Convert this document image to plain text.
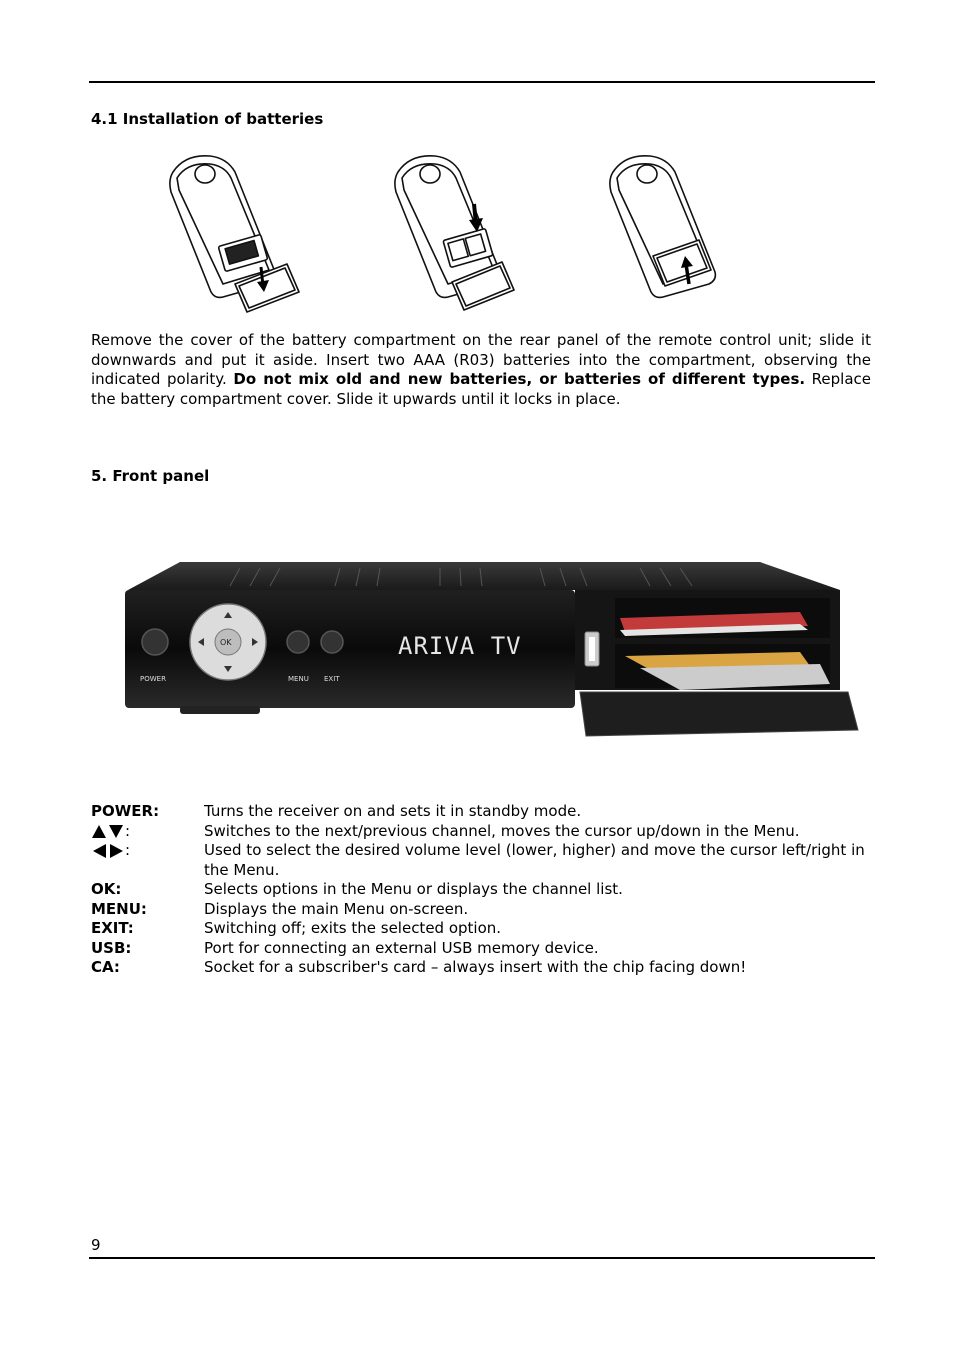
4.1 Installation of batteries

Remove the cover of the battery compartment on the rear panel of the remote control unit; slide it downwards and put it aside. Insert two AAA (R03) batteries into the compartment, observing the indicated polarity. Do not mix old and new batteries, or batteries of different types. Replace the battery compartment cover. Slide it upwards until it locks in place.

5. Front panel
POWER
OK
MENU EXIT
ARIVA TV
POWER:	Turns the receiver on and sets it in standby mode.
:	Switches to the next/previous channel, moves the cursor up/down in the Menu.
:	Used to select the desired volume level (lower, higher) and move the cursor left/right in the Menu.
OK:	Selects options in the Menu or displays the channel list.
MENU:	Displays the main Menu on-screen.
EXIT:	Switching off; exits the selected option.
USB:	Port for connecting an external USB memory device.
CA:	Socket for a subscriber's card – always insert with the chip facing down!
9
